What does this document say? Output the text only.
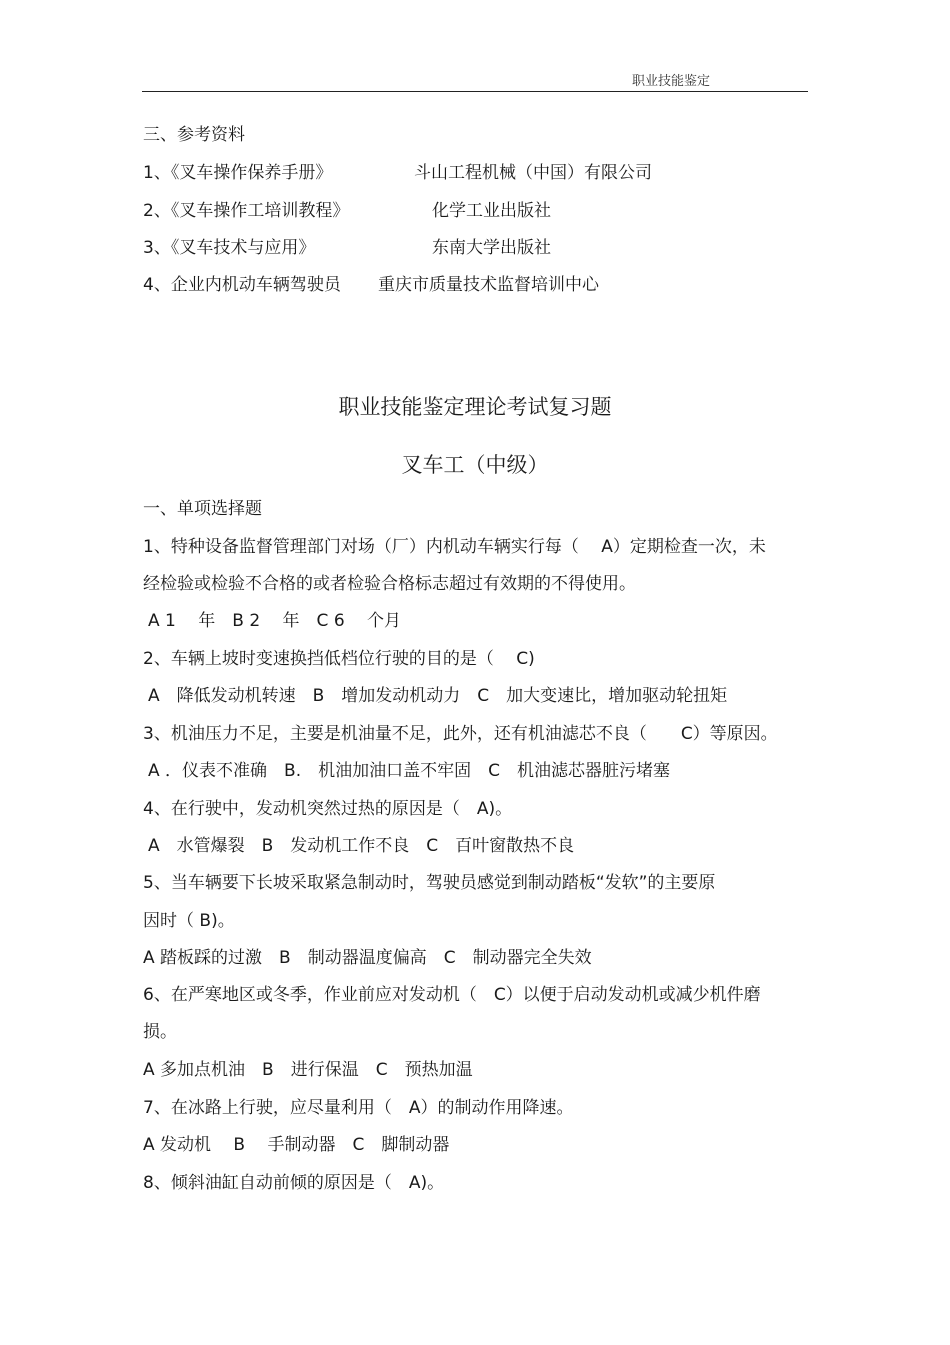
职业技能鉴定
三、参考资料
1、《叉车操作保养手册》	斗山工程机械（中国）有限公司
2、《叉车操作工培训教程》	化学工业出版社
3、《叉车技术与应用》	东南大学出版社
4、企业内机动车辆驾驶员 重庆市质量技术监督培训中心
职业技能鉴定理论考试复习题
叉车工（中级）
一、单项选择题
1、特种设备监督管理部门对场（厂）内机动车辆实行每（　 A）定期检查一次，未
经检验或检验不合格的或者检验合格标志超过有效期的不得使用。
A 1　 年　B 2　 年　C 6　 个月
2、车辆上坡时变速换挡低档位行驶的目的是（　 C)
A　降低发动机转速　B　增加发动机动力　C　加大变速比，增加驱动轮扭矩
3、机油压力不足，主要是机油量不足，此外，还有机油滤芯不良（　　C）等原因。
A ．仪表不准确　B.　机油加油口盖不牢固　C　机油滤芯器脏污堵塞
4、在行驶中，发动机突然过热的原因是（　A)。
A　水管爆裂　B　发动机工作不良　C　百叶窗散热不良
5、当车辆要下长坡采取紧急制动时，驾驶员感觉到制动踏板“发软”的主要原
因时（ B)。
A 踏板踩的过激　B　制动器温度偏高　C　制动器完全失效
6、在严寒地区或冬季，作业前应对发动机（　C）以便于启动发动机或减少机件磨
损。
A 多加点机油　B　进行保温　C　预热加温
7、在冰路上行驶，应尽量利用（　A）的制动作用降速。
A 发动机　 B　 手制动器　C　脚制动器
8、倾斜油缸自动前倾的原因是（　A)。
